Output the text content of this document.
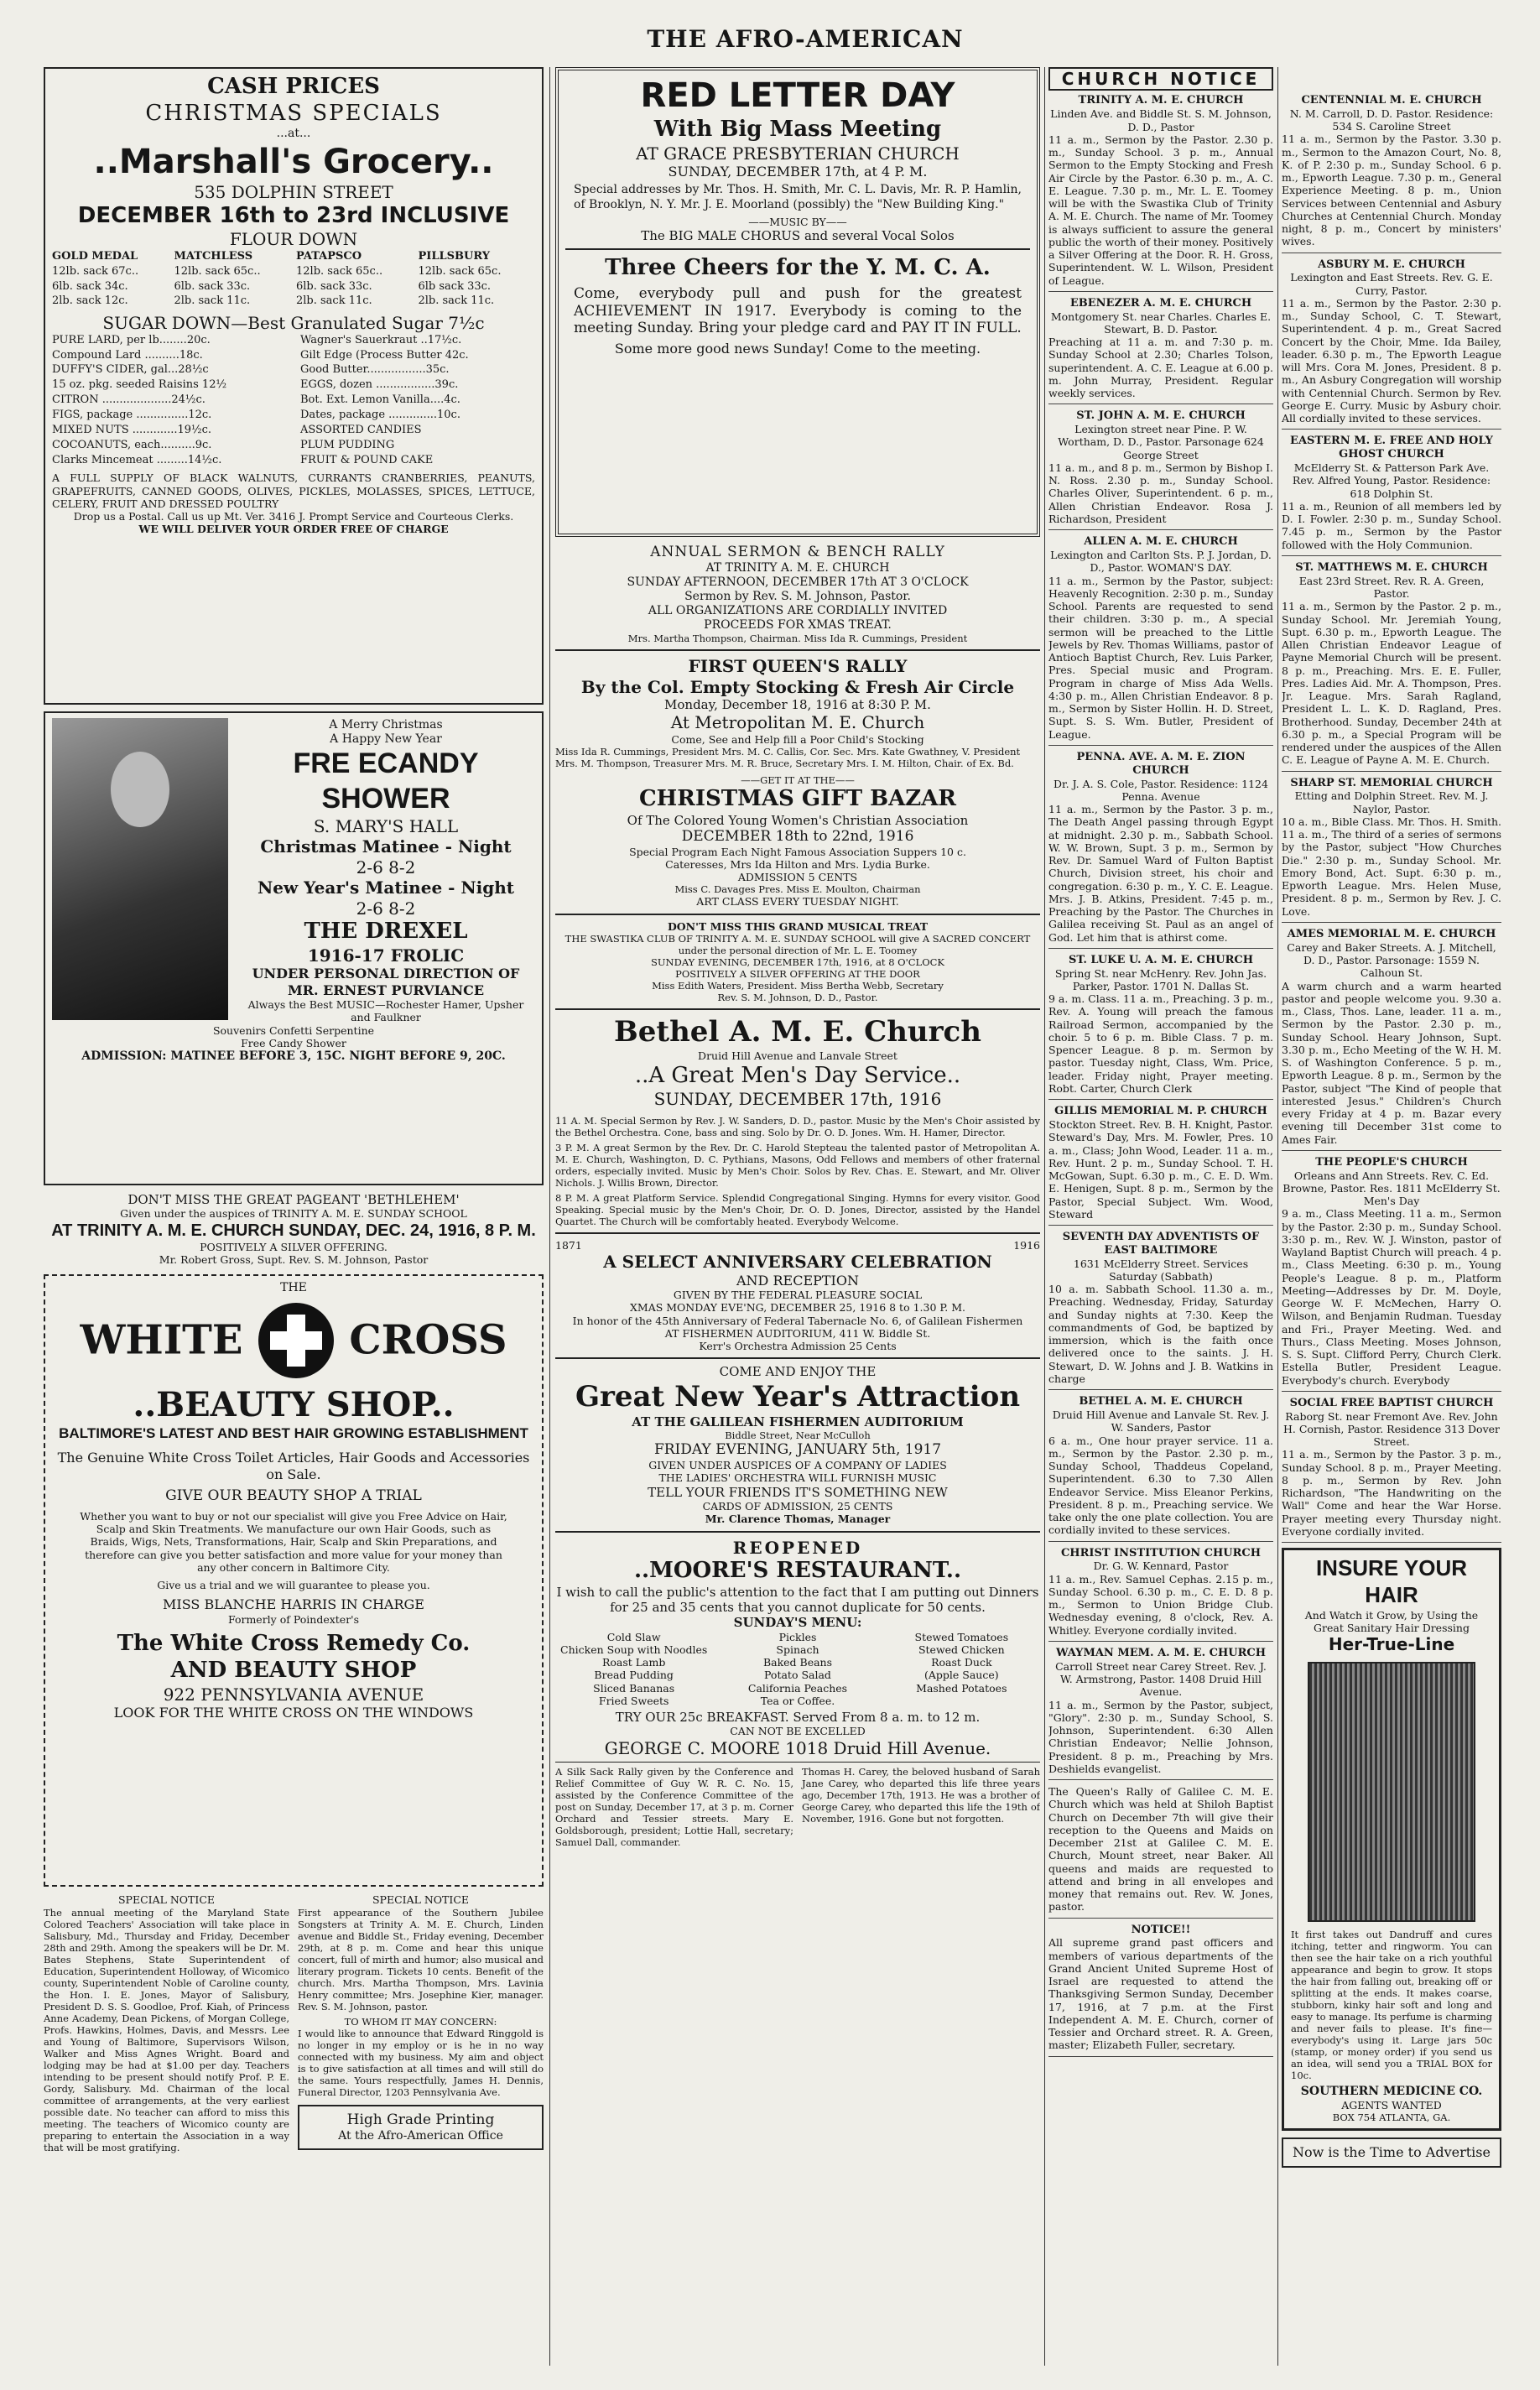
THE AFRO-AMERICAN
CASH PRICES
CHRISTMAS SPECIALS
...at...
..Marshall's Grocery..
535 DOLPHIN STREET
DECEMBER 16th to 23rd INCLUSIVE
FLOUR DOWN
GOLD MEDAL	MATCHLESS	PATAPSCO	PILLSBURY
12lb. sack 67c..	12lb. sack 65c..	12lb. sack 65c..	12lb. sack 65c.
6lb. sack 34c.	6lb. sack 33c.	6lb. sack 33c.	6lb sack 33c.
2lb. sack 12c.	2lb. sack 11c.	2lb. sack 11c.	2lb. sack 11c.
SUGAR DOWN—Best Granulated Sugar 7½c
PURE LARD, per lb........20c.	Wagner's Sauerkraut ..17½c.
Compound Lard ..........18c.	Gilt Edge (Process Butter 42c.
DUFFY'S CIDER, gal...28½c	Good Butter.................35c.
15 oz. pkg. seeded Raisins 12½	EGGS, dozen .................39c.
CITRON ....................24½c.	Bot. Ext. Lemon Vanilla....4c.
FIGS, package ...............12c.	Dates, package ..............10c.
MIXED NUTS .............19½c.	ASSORTED CANDIES
COCOANUTS, each..........9c.	PLUM PUDDING
Clarks Mincemeat .........14½c.	FRUIT & POUND CAKE
A FULL SUPPLY OF BLACK WALNUTS, CURRANTS CRANBERRIES, PEANUTS, GRAPEFRUITS, CANNED GOODS, OLIVES, PICKLES, MOLASSES, SPICES, LETTUCE, CELERY, FRUIT AND DRESSED POULTRY
Drop us a Postal. Call us up Mt. Ver. 3416 J. Prompt Service and Courteous Clerks.
WE WILL DELIVER YOUR ORDER FREE OF CHARGE
A Merry Christmas
A Happy New Year
FRE ECANDY SHOWER
S. MARY'S HALL
Christmas Matinee - Night
2-6 8-2
New Year's Matinee - Night
2-6 8-2
THE DREXEL
1916-17 FROLIC
UNDER PERSONAL DIRECTION OF MR. ERNEST PURVIANCE
Always the Best MUSIC—Rochester Hamer, Upsher and Faulkner
Souvenirs Confetti Serpentine
Free Candy Shower
ADMISSION: MATINEE BEFORE 3, 15C. NIGHT BEFORE 9, 20C.
DON'T MISS THE GREAT PAGEANT 'BETHLEHEM'
Given under the auspices of TRINITY A. M. E. SUNDAY SCHOOL
AT TRINITY A. M. E. CHURCH SUNDAY, DEC. 24, 1916, 8 P. M.
POSITIVELY A SILVER OFFERING.
Mr. Robert Gross, Supt. Rev. S. M. Johnson, Pastor
THE
WHITE	CROSS
..BEAUTY SHOP..
BALTIMORE'S LATEST AND BEST HAIR GROWING ESTABLISHMENT
The Genuine White Cross Toilet Articles, Hair Goods and Accessories on Sale.
GIVE OUR BEAUTY SHOP A TRIAL
Whether you want to buy or not our specialist will give you Free Advice on Hair, Scalp and Skin Treatments. We manufacture our own Hair Goods, such as Braids, Wigs, Nets, Transformations, Hair, Scalp and Skin Preparations, and therefore can give you better satisfaction and more value for your money than any other concern in Baltimore City.
Give us a trial and we will guarantee to please you.
MISS BLANCHE HARRIS IN CHARGE
Formerly of Poindexter's
The White Cross Remedy Co.
AND BEAUTY SHOP
922 PENNSYLVANIA AVENUE
LOOK FOR THE WHITE CROSS ON THE WINDOWS
SPECIAL NOTICE
The annual meeting of the Maryland State Colored Teachers' Association will take place in Salisbury, Md., Thursday and Friday, December 28th and 29th. Among the speakers will be Dr. M. Bates Stephens, State Superintendent of Education, Superintendent Holloway, of Wicomico county, Superintendent Noble of Caroline county, the Hon. I. E. Jones, Mayor of Salisbury, President D. S. S. Goodloe, Prof. Kiah, of Princess Anne Academy, Dean Pickens, of Morgan College, Profs. Hawkins, Holmes, Davis, and Messrs. Lee and Young of Baltimore, Supervisors Wilson, Walker and Miss Agnes Wright. Board and lodging may be had at $1.00 per day. Teachers intending to be present should notify Prof. P. E. Gordy, Salisbury. Md. Chairman of the local committee of arrangements, at the very earliest possible date. No teacher can afford to miss this meeting. The teachers of Wicomico county are preparing to entertain the Association in a way that will be most gratifying.
SPECIAL NOTICE
First appearance of the Southern Jubilee Songsters at Trinity A. M. E. Church, Linden avenue and Biddle St., Friday evening, December 29th, at 8 p. m. Come and hear this unique concert, full of mirth and humor; also musical and literary program. Tickets 10 cents. Benefit of the church. Mrs. Martha Thompson, Mrs. Lavinia Henry committee; Mrs. Josephine Kier, manager. Rev. S. M. Johnson, pastor.
TO WHOM IT MAY CONCERN:
I would like to announce that Edward Ringgold is no longer in my employ or is he in no way connected with my business. My aim and object is to give satisfaction at all times and will still do the same. Yours respectfully, James H. Dennis, Funeral Director, 1203 Pennsylvania Ave.
High Grade Printing
At the Afro-American Office
RED LETTER DAY
With Big Mass Meeting
AT GRACE PRESBYTERIAN CHURCH
SUNDAY, DECEMBER 17th, at 4 P. M.
Special addresses by Mr. Thos. H. Smith, Mr. C. L. Davis, Mr. R. P. Hamlin, of Brooklyn, N. Y. Mr. J. E. Moorland (possibly) the "New Building King."
——MUSIC BY——
The BIG MALE CHORUS and several Vocal Solos
Three Cheers for the Y. M. C. A.
Come, everybody pull and push for the greatest ACHIEVEMENT IN 1917. Everybody is coming to the meeting Sunday. Bring your pledge card and PAY IT IN FULL.
Some more good news Sunday! Come to the meeting.
ANNUAL SERMON & BENCH RALLY
AT TRINITY A. M. E. CHURCH
SUNDAY AFTERNOON, DECEMBER 17th AT 3 O'CLOCK
Sermon by Rev. S. M. Johnson, Pastor.
ALL ORGANIZATIONS ARE CORDIALLY INVITED
PROCEEDS FOR XMAS TREAT.
Mrs. Martha Thompson, Chairman. Miss Ida R. Cummings, President
FIRST QUEEN'S RALLY
By the Col. Empty Stocking & Fresh Air Circle
Monday, December 18, 1916 at 8:30 P. M.
At Metropolitan M. E. Church
Come, See and Help fill a Poor Child's Stocking
Miss Ida R. Cummings, President Mrs. M. C. Callis, Cor. Sec. Mrs. Kate Gwathney, V. President Mrs. M. Thompson, Treasurer Mrs. M. R. Bruce, Secretary Mrs. I. M. Hilton, Chair. of Ex. Bd.
——GET IT AT THE——
CHRISTMAS GIFT BAZAR
Of The Colored Young Women's Christian Association
DECEMBER 18th to 22nd, 1916
Special Program Each Night Famous Association Suppers 10 c.
Cateresses, Mrs Ida Hilton and Mrs. Lydia Burke.
ADMISSION 5 CENTS
Miss C. Davages Pres. Miss E. Moulton, Chairman
ART CLASS EVERY TUESDAY NIGHT.
DON'T MISS THIS GRAND MUSICAL TREAT
THE SWASTIKA CLUB OF TRINITY A. M. E. SUNDAY SCHOOL will give A SACRED CONCERT under the personal direction of Mr. L. E. Toomey
SUNDAY EVENING, DECEMBER 17th, 1916, at 8 O'CLOCK
POSITIVELY A SILVER OFFERING AT THE DOOR
Miss Edith Waters, President. Miss Bertha Webb, Secretary
Rev. S. M. Johnson, D. D., Pastor.
Bethel A. M. E. Church
Druid Hill Avenue and Lanvale Street
..A Great Men's Day Service..
SUNDAY, DECEMBER 17th, 1916
11 A. M. Special Sermon by Rev. J. W. Sanders, D. D., pastor. Music by the Men's Choir assisted by the Bethel Orchestra. Cone, bass and sing. Solo by Dr. O. D. Jones. Wm. H. Hamer, Director.
3 P. M. A great Sermon by the Rev. Dr. C. Harold Stepteau the talented pastor of Metropolitan A. M. E. Church, Washington, D. C. Pythians, Masons, Odd Fellows and members of other fraternal orders, especially invited. Music by Men's Choir. Solos by Rev. Chas. E. Stewart, and Mr. Oliver Nichols. J. Willis Brown, Director.
8 P. M. A great Platform Service. Splendid Congregational Singing. Hymns for every visitor. Good Speaking. Special music by the Men's Choir, Dr. O. D. Jones, Director, assisted by the Handel Quartet. The Church will be comfortably heated. Everybody Welcome.
1871	1916
A SELECT ANNIVERSARY CELEBRATION
AND RECEPTION
GIVEN BY THE FEDERAL PLEASURE SOCIAL
XMAS MONDAY EVE'NG, DECEMBER 25, 1916 8 to 1.30 P. M.
In honor of the 45th Anniversary of Federal Tabernacle No. 6, of Galilean Fishermen
AT FISHERMEN AUDITORIUM, 411 W. Biddle St.
Kerr's Orchestra Admission 25 Cents
COME AND ENJOY THE
Great New Year's Attraction
AT THE GALILEAN FISHERMEN AUDITORIUM
Biddle Street, Near McCulloh
FRIDAY EVENING, JANUARY 5th, 1917
GIVEN UNDER AUSPICES OF A COMPANY OF LADIES
THE LADIES' ORCHESTRA WILL FURNISH MUSIC
TELL YOUR FRIENDS IT'S SOMETHING NEW
CARDS OF ADMISSION, 25 CENTS
Mr. Clarence Thomas, Manager
REOPENED
..MOORE'S RESTAURANT..
I wish to call the public's attention to the fact that I am putting out Dinners for 25 and 35 cents that you cannot duplicate for 50 cents.
SUNDAY'S MENU:
Cold Slaw	Pickles	Stewed Tomatoes
Chicken Soup with Noodles	Spinach	Stewed Chicken
Roast Lamb	Baked Beans	Roast Duck
Bread Pudding	Potato Salad	(Apple Sauce)
Sliced Bananas	California Peaches	Mashed Potatoes
Fried Sweets	Tea or Coffee.
TRY OUR 25c BREAKFAST. Served From 8 a. m. to 12 m.
CAN NOT BE EXCELLED
GEORGE C. MOORE 1018 Druid Hill Avenue.
A Silk Sack Rally given by the Conference and Relief Committee of Guy W. R. C. No. 15, assisted by the Conference Committee of the post on Sunday, December 17, at 3 p. m. Corner Orchard and Tessier streets. Mary E. Goldsborough, president; Lottie Hall, secretary; Samuel Dall, commander.
Thomas H. Carey, the beloved husband of Sarah Jane Carey, who departed this life three years ago, December 17th, 1913. He was a brother of George Carey, who departed this life the 19th of November, 1916. Gone but not forgotten.
CHURCH NOTICE
TRINITY A. M. E. CHURCH
Linden Ave. and Biddle St. S. M. Johnson, D. D., Pastor
11 a. m., Sermon by the Pastor. 2.30 p. m., Sunday School. 3 p. m., Annual Sermon to the Empty Stocking and Fresh Air Circle by the Pastor. 6.30 p. m., A. C. E. League. 7.30 p. m., Mr. L. E. Toomey will be with the Swastika Club of Trinity A. M. E. Church. The name of Mr. Toomey is always sufficient to assure the general public the worth of their money. Positively a Silver Offering at the Door. R. H. Gross, Superintendent. W. L. Wilson, President of League.
EBENEZER A. M. E. CHURCH
Montgomery St. near Charles. Charles E. Stewart, B. D. Pastor.
Preaching at 11 a. m. and 7:30 p. m. Sunday School at 2.30; Charles Tolson, superintendent. A. C. E. League at 6.00 p. m. John Murray, President. Regular weekly services.
ST. JOHN A. M. E. CHURCH
Lexington street near Pine. P. W. Wortham, D. D., Pastor. Parsonage 624 George Street
11 a. m., and 8 p. m., Sermon by Bishop I. N. Ross. 2.30 p. m., Sunday School. Charles Oliver, Superintendent. 6 p. m., Allen Christian Endeavor. Rosa J. Richardson, President
ALLEN A. M. E. CHURCH
Lexington and Carlton Sts. P. J. Jordan, D. D., Pastor. WOMAN'S DAY.
11 a. m., Sermon by the Pastor, subject: Heavenly Recognition. 2:30 p. m., Sunday School. Parents are requested to send their children. 3:30 p. m., A special sermon will be preached to the Little Jewels by Rev. Thomas Williams, pastor of Antioch Baptist Church, Rev. Luis Parker, Pres. Special music and Program. Program in charge of Miss Ada Wells. 4:30 p. m., Allen Christian Endeavor. 8 p. m., Sermon by Sister Hollin. H. D. Street, Supt. S. S. Wm. Butler, President of League.
PENNA. AVE. A. M. E. ZION CHURCH
Dr. J. A. S. Cole, Pastor. Residence: 1124 Penna. Avenue
11 a. m., Sermon by the Pastor. 3 p. m., The Death Angel passing through Egypt at midnight. 2.30 p. m., Sabbath School. W. W. Brown, Supt. 3 p. m., Sermon by Rev. Dr. Samuel Ward of Fulton Baptist Church, Division street, his choir and congregation. 6:30 p. m., Y. C. E. League. Mrs. J. B. Atkins, President. 7:45 p. m., Preaching by the Pastor. The Churches in Galilea receiving St. Paul as an angel of God. Let him that is athirst come.
ST. LUKE U. A. M. E. CHURCH
Spring St. near McHenry. Rev. John Jas. Parker, Pastor. 1701 N. Dallas St.
9 a. m. Class. 11 a. m., Preaching. 3 p. m., Rev. A. Young will preach the famous Railroad Sermon, accompanied by the choir. 5 to 6 p. m. Bible Class. 7 p. m. Spencer League. 8 p. m. Sermon by pastor. Tuesday night, Class, Wm. Price, leader. Friday night, Prayer meeting. Robt. Carter, Church Clerk
GILLIS MEMORIAL M. P. CHURCH
Stockton Street. Rev. B. H. Knight, Pastor.
Steward's Day, Mrs. M. Fowler, Pres. 10 a. m., Class; John Wood, Leader. 11 a. m., Rev. Hunt. 2 p. m., Sunday School. T. H. McGowan, Supt. 6.30 p. m., C. E. D. Wm. E. Henigen, Supt. 8 p. m., Sermon by the Pastor, Special Subject. Wm. Wood, Steward
SEVENTH DAY ADVENTISTS OF EAST BALTIMORE
1631 McElderry Street. Services Saturday (Sabbath)
10 a. m. Sabbath School. 11.30 a. m., Preaching. Wednesday, Friday, Saturday and Sunday nights at 7:30. Keep the commandments of God, be baptized by immersion, which is the faith once delivered once to the saints. J. H. Stewart, D. W. Johns and J. B. Watkins in charge
BETHEL A. M. E. CHURCH
Druid Hill Avenue and Lanvale St. Rev. J. W. Sanders, Pastor
6 a. m., One hour prayer service. 11 a. m., Sermon by the Pastor. 2.30 p. m., Sunday School, Thaddeus Copeland, Superintendent. 6.30 to 7.30 Allen Endeavor Service. Miss Eleanor Perkins, President. 8 p. m., Preaching service. We take only the one plate collection. You are cordially invited to these services.
CHRIST INSTITUTION CHURCH
Dr. G. W. Kennard, Pastor
11 a. m., Rev. Samuel Cephas. 2.15 p. m., Sunday School. 6.30 p. m., C. E. D. 8 p. m., Sermon to Union Bridge Club. Wednesday evening, 8 o'clock, Rev. A. Whitley. Everyone cordially invited.
WAYMAN MEM. A. M. E. CHURCH
Carroll Street near Carey Street. Rev. J. W. Armstrong, Pastor. 1408 Druid Hill Avenue.
11 a. m., Sermon by the Pastor, subject, "Glory". 2:30 p. m., Sunday School, S. Johnson, Superintendent. 6:30 Allen Christian Endeavor; Nellie Johnson, President. 8 p. m., Preaching by Mrs. Deshields evangelist.
The Queen's Rally of Galilee C. M. E. Church which was held at Shiloh Baptist Church on December 7th will give their reception to the Queens and Maids on December 21st at Galilee C. M. E. Church, Mount street, near Baker. All queens and maids are requested to attend and bring in all envelopes and money that remains out. Rev. W. Jones, pastor.
NOTICE!!
All supreme grand past officers and members of various departments of the Grand Ancient United Supreme Host of Israel are requested to attend the Thanksgiving Sermon Sunday, December 17, 1916, at 7 p.m. at the First Independent A. M. E. Church, corner of Tessier and Orchard street. R. A. Green, master; Elizabeth Fuller, secretary.
CENTENNIAL M. E. CHURCH
N. M. Carroll, D. D. Pastor. Residence: 534 S. Caroline Street
11 a. m., Sermon by the Pastor. 3.30 p. m., Sermon to the Amazon Court, No. 8, K. of P. 2:30 p. m., Sunday School. 6 p. m., Epworth League. 7.30 p. m., General Experience Meeting. 8 p. m., Union Services between Centennial and Asbury Churches at Centennial Church. Monday night, 8 p. m., Concert by ministers' wives.
ASBURY M. E. CHURCH
Lexington and East Streets. Rev. G. E. Curry, Pastor.
11 a. m., Sermon by the Pastor. 2:30 p. m., Sunday School, C. T. Stewart, Superintendent. 4 p. m., Great Sacred Concert by the Choir, Mme. Ida Bailey, leader. 6.30 p. m., The Epworth League will Mrs. Cora M. Jones, President. 8 p. m., An Asbury Congregation will worship with Centennial Church. Sermon by Rev. George E. Curry. Music by Asbury choir. All cordially invited to these services.
EASTERN M. E. FREE AND HOLY GHOST CHURCH
McElderry St. & Patterson Park Ave. Rev. Alfred Young, Pastor. Residence: 618 Dolphin St.
11 a. m., Reunion of all members led by D. I. Fowler. 2:30 p. m., Sunday School. 7.45 p. m., Sermon by the Pastor followed with the Holy Communion.
ST. MATTHEWS M. E. CHURCH
East 23rd Street. Rev. R. A. Green, Pastor.
11 a. m., Sermon by the Pastor. 2 p. m., Sunday School. Mr. Jeremiah Young, Supt. 6.30 p. m., Epworth League. The Allen Christian Endeavor League of Payne Memorial Church will be present. 8 p. m., Preaching. Mrs. E. E. Fuller, Pres. Ladies Aid. Mr. A. Thompson, Pres. Jr. League. Mrs. Sarah Ragland, President L. L. K. D. Ragland, Pres. Brotherhood. Sunday, December 24th at 6.30 p. m., a Special Program will be rendered under the auspices of the Allen C. E. League of Payne A. M. E. Church.
SHARP ST. MEMORIAL CHURCH
Etting and Dolphin Street. Rev. M. J. Naylor, Pastor.
10 a. m., Bible Class. Mr. Thos. H. Smith. 11 a. m., The third of a series of sermons by the Pastor, subject "How Churches Die." 2:30 p. m., Sunday School. Mr. Emory Bond, Act. Supt. 6:30 p. m., Epworth League. Mrs. Helen Muse, President. 8 p. m., Sermon by Rev. J. C. Love.
AMES MEMORIAL M. E. CHURCH
Carey and Baker Streets. A. J. Mitchell, D. D., Pastor. Parsonage: 1559 N. Calhoun St.
A warm church and a warm hearted pastor and people welcome you. 9.30 a. m., Class, Thos. Lane, leader. 11 a. m., Sermon by the Pastor. 2.30 p. m., Sunday School. Heary Johnson, Supt. 3.30 p. m., Echo Meeting of the W. H. M. S. of Washington Conference. 5 p. m., Epworth League. 8 p. m., Sermon by the Pastor, subject "The Kind of people that interested Jesus." Children's Church every Friday at 4 p. m. Bazar every evening till December 31st come to Ames Fair.
THE PEOPLE'S CHURCH
Orleans and Ann Streets. Rev. C. Ed. Browne, Pastor. Res. 1811 McElderry St. Men's Day
9 a. m., Class Meeting. 11 a. m., Sermon by the Pastor. 2:30 p. m., Sunday School. 3:30 p. m., Rev. W. J. Winston, pastor of Wayland Baptist Church will preach. 4 p. m., Class Meeting. 6:30 p. m., Young People's League. 8 p. m., Platform Meeting—Addresses by Dr. M. Doyle, George W. F. McMechen, Harry O. Wilson, and Benjamin Rudman. Tuesday and Fri., Prayer Meeting. Wed. and Thurs., Class Meeting. Moses Johnson, S. S. Supt. Clifford Perry, Church Clerk. Estella Butler, President League. Everybody's church. Everybody
SOCIAL FREE BAPTIST CHURCH
Raborg St. near Fremont Ave. Rev. John H. Cornish, Pastor. Residence 313 Dover Street.
11 a. m., Sermon by the Pastor. 3 p. m., Sunday School. 8 p. m., Prayer Meeting. 8 p. m., Sermon by Rev. John Richardson, "The Handwriting on the Wall" Come and hear the War Horse. Prayer meeting every Thursday night. Everyone cordially invited.
INSURE YOUR HAIR
And Watch it Grow, by Using the Great Sanitary Hair Dressing
Her-True-Line
It first takes out Dandruff and cures itching, tetter and ringworm. You can then see the hair take on a rich youthful appearance and begin to grow. It stops the hair from falling out, breaking off or splitting at the ends. It makes coarse, stubborn, kinky hair soft and long and easy to manage. Its perfume is charming and never fails to please. It's fine—everybody's using it. Large jars 50c (stamp, or money order) if you send us an idea, will send you a TRIAL BOX for 10c.
SOUTHERN MEDICINE CO.
AGENTS WANTED
BOX 754 ATLANTA, GA.
Now is the Time to Advertise
